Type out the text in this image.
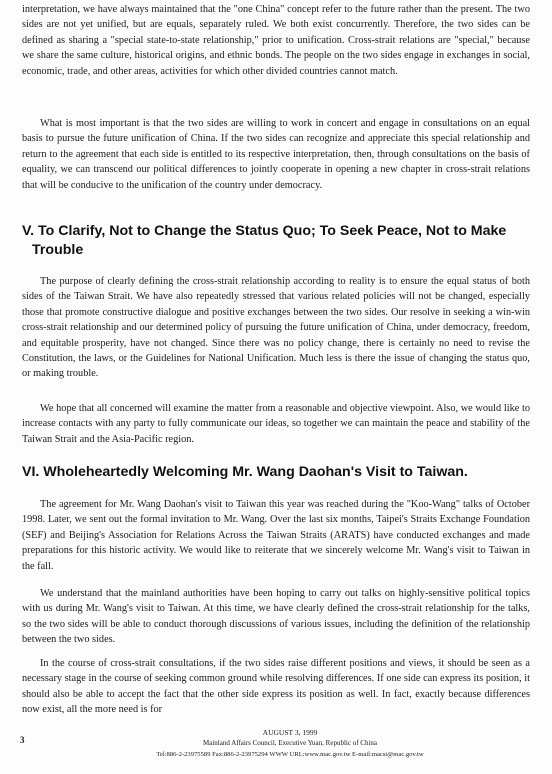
interpretation, we have always maintained that the "one China" concept refer to the future rather than the present. The two sides are not yet unified, but are equals, separately ruled. We both exist concurrently. Therefore, the two sides can be defined as sharing a "special state-to-state relationship," prior to unification. Cross-strait relations are "special," because we share the same culture, historical origins, and ethnic bonds. The people on the two sides engage in exchanges in social, economic, trade, and other areas, activities for which other divided countries cannot match.

What is most important is that the two sides are willing to work in concert and engage in consultations on an equal basis to pursue the future unification of China. If the two sides can recognize and appreciate this special relationship and return to the agreement that each side is entitled to its respective interpretation, then, through consultations on the basis of equality, we can transcend our political differences to jointly cooperate in opening a new chapter in cross-strait relations that will be conducive to the unification of the country under democracy.

V. To Clarify, Not to Change the Status Quo; To Seek Peace, Not to Make
Trouble

The purpose of clearly defining the cross-strait relationship according to reality is to ensure the equal status of both sides of the Taiwan Strait. We have also repeatedly stressed that various related policies will not be changed, especially those that promote constructive dialogue and positive exchanges between the two sides. Our resolve in seeking a win-win cross-strait relationship and our determined policy of pursuing the future unification of China, under democracy, freedom, and equitable prosperity, have not changed. Since there was no policy change, there is certainly no need to revise the Constitution, the laws, or the Guidelines for National Unification. Much less is there the issue of changing the status quo, or making trouble.

We hope that all concerned will examine the matter from a reasonable and objective viewpoint. Also, we would like to increase contacts with any party to fully communicate our ideas, so together we can maintain the peace and stability of the Taiwan Strait and the Asia-Pacific region.

VI. Wholeheartedly Welcoming Mr. Wang Daohan's Visit to Taiwan.

The agreement for Mr. Wang Daohan's visit to Taiwan this year was reached during the "Koo-Wang" talks of October 1998. Later, we sent out the formal invitation to Mr. Wang. Over the last six months, Taipei's Straits Exchange Foundation (SEF) and Beijing's Association for Relations Across the Taiwan Straits (ARATS) have conducted exchanges and made preparations for this historic activity. We would like to reiterate that we sincerely welcome Mr. Wang's visit to Taiwan in the fall.

We understand that the mainland authorities have been hoping to carry out talks on highly-sensitive political topics with us during Mr. Wang's visit to Taiwan. At this time, we have clearly defined the cross-strait relationship for the talks, so the two sides will be able to conduct thorough discussions of various issues, including the definition of the relationship between the two sides.

In the course of cross-strait consultations, if the two sides raise different positions and views, it should be seen as a necessary stage in the course of seeking common ground while resolving differences. If one side can express its position, it should also be able to accept the fact that the other side express its position as well. In fact, exactly because differences now exist, all the more need is for

3

AUGUST 3, 1999

Mainland Affairs Council, Executive Yuan, Republic of China

Tel:886-2-23975589 Fax:886-2-23975294 WWW URL:www.mac.gov.tw E-mail:macst@mac.gov.tw
